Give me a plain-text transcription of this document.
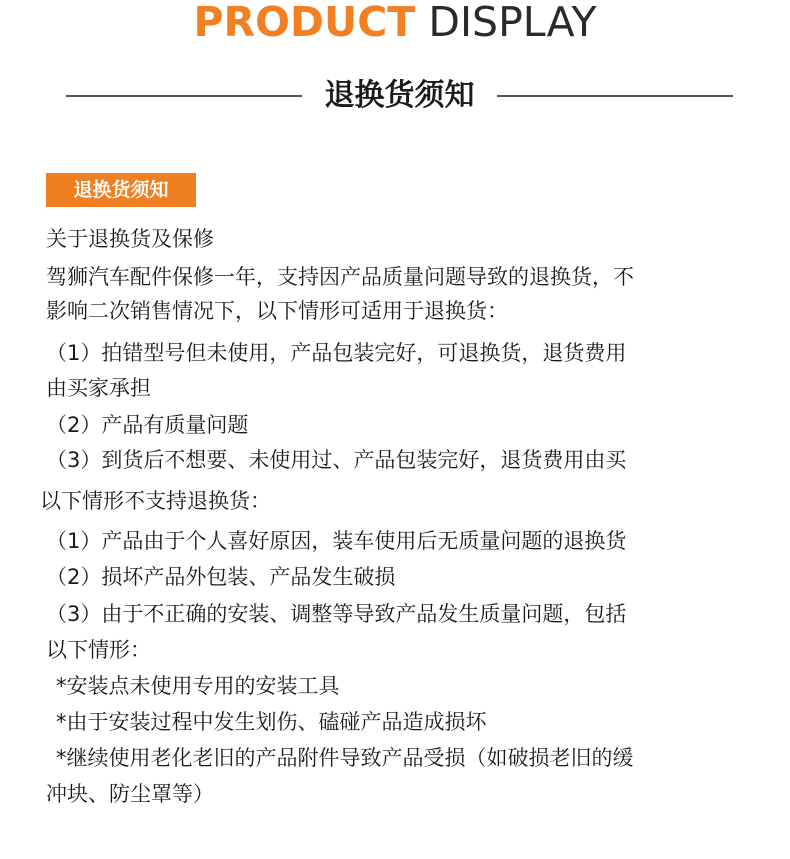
PRODUCT DISPLAY
退换货须知
退换货须知
关于退换货及保修
驾狮汽车配件保修一年，支持因产品质量问题导致的退换货，不
影响二次销售情况下，以下情形可适用于退换货：
（1）拍错型号但未使用，产品包装完好，可退换货，退货费用
由买家承担
（2）产品有质量问题
（3）到货后不想要、未使用过、产品包装完好，退货费用由买
以下情形不支持退换货：
（1）产品由于个人喜好原因，装车使用后无质量问题的退换货
（2）损坏产品外包装、产品发生破损
（3）由于不正确的安装、调整等导致产品发生质量问题，包括
以下情形：
*安装点未使用专用的安装工具
*由于安装过程中发生划伤、磕碰产品造成损坏
*继续使用老化老旧的产品附件导致产品受损（如破损老旧的缓
冲块、防尘罩等）
